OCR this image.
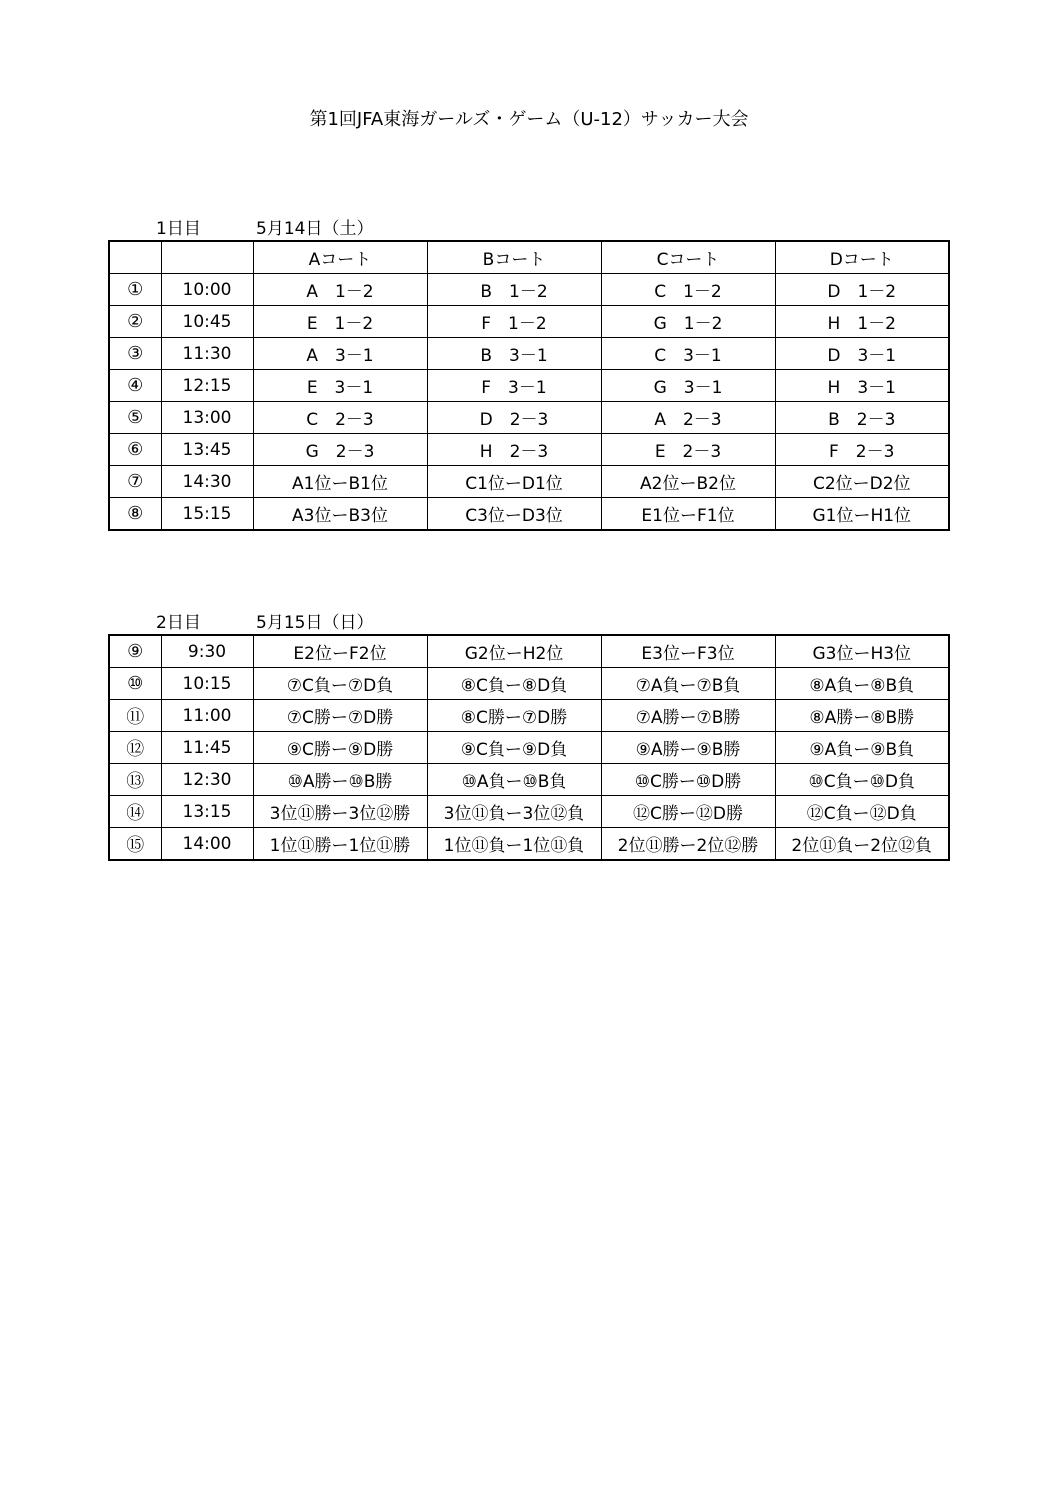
第1回JFA東海ガールズ・ゲーム（U-12）サッカー大会
1日目	5月14日（土）
		Aコート	Bコート	Cコート	Dコート
①	10:00	A　1－2	B　1－2	C　1－2	D　1－2
②	10:45	E　1－2	F　1－2	G　1－2	H　1－2
③	11:30	A　3－1	B　3－1	C　3－1	D　3－1
④	12:15	E　3－1	F　3－1	G　3－1	H　3－1
⑤	13:00	C　2－3	D　2－3	A　2－3	B　2－3
⑥	13:45	G　2－3	H　2－3	E　2－3	F　2－3
⑦	14:30	A1位ーB1位	C1位ーD1位	A2位ーB2位	C2位ーD2位
⑧	15:15	A3位ーB3位	C3位ーD3位	E1位ーF1位	G1位ーH1位
2日目	5月15日（日）
⑨	9:30	E2位ーF2位	G2位ーH2位	E3位ーF3位	G3位ーH3位
⑩	10:15	⑦C負ー⑦D負	⑧C負ー⑧D負	⑦A負ー⑦B負	⑧A負ー⑧B負
⑪	11:00	⑦C勝ー⑦D勝	⑧C勝ー⑦D勝	⑦A勝ー⑦B勝	⑧A勝ー⑧B勝
⑫	11:45	⑨C勝ー⑨D勝	⑨C負ー⑨D負	⑨A勝ー⑨B勝	⑨A負ー⑨B負
⑬	12:30	⑩A勝ー⑩B勝	⑩A負ー⑩B負	⑩C勝ー⑩D勝	⑩C負ー⑩D負
⑭	13:15	3位⑪勝ー3位⑫勝	3位⑪負ー3位⑫負	⑫C勝ー⑫D勝	⑫C負ー⑫D負
⑮	14:00	1位⑪勝ー1位⑪勝	1位⑪負ー1位⑪負	2位⑪勝ー2位⑫勝	2位⑪負ー2位⑫負
